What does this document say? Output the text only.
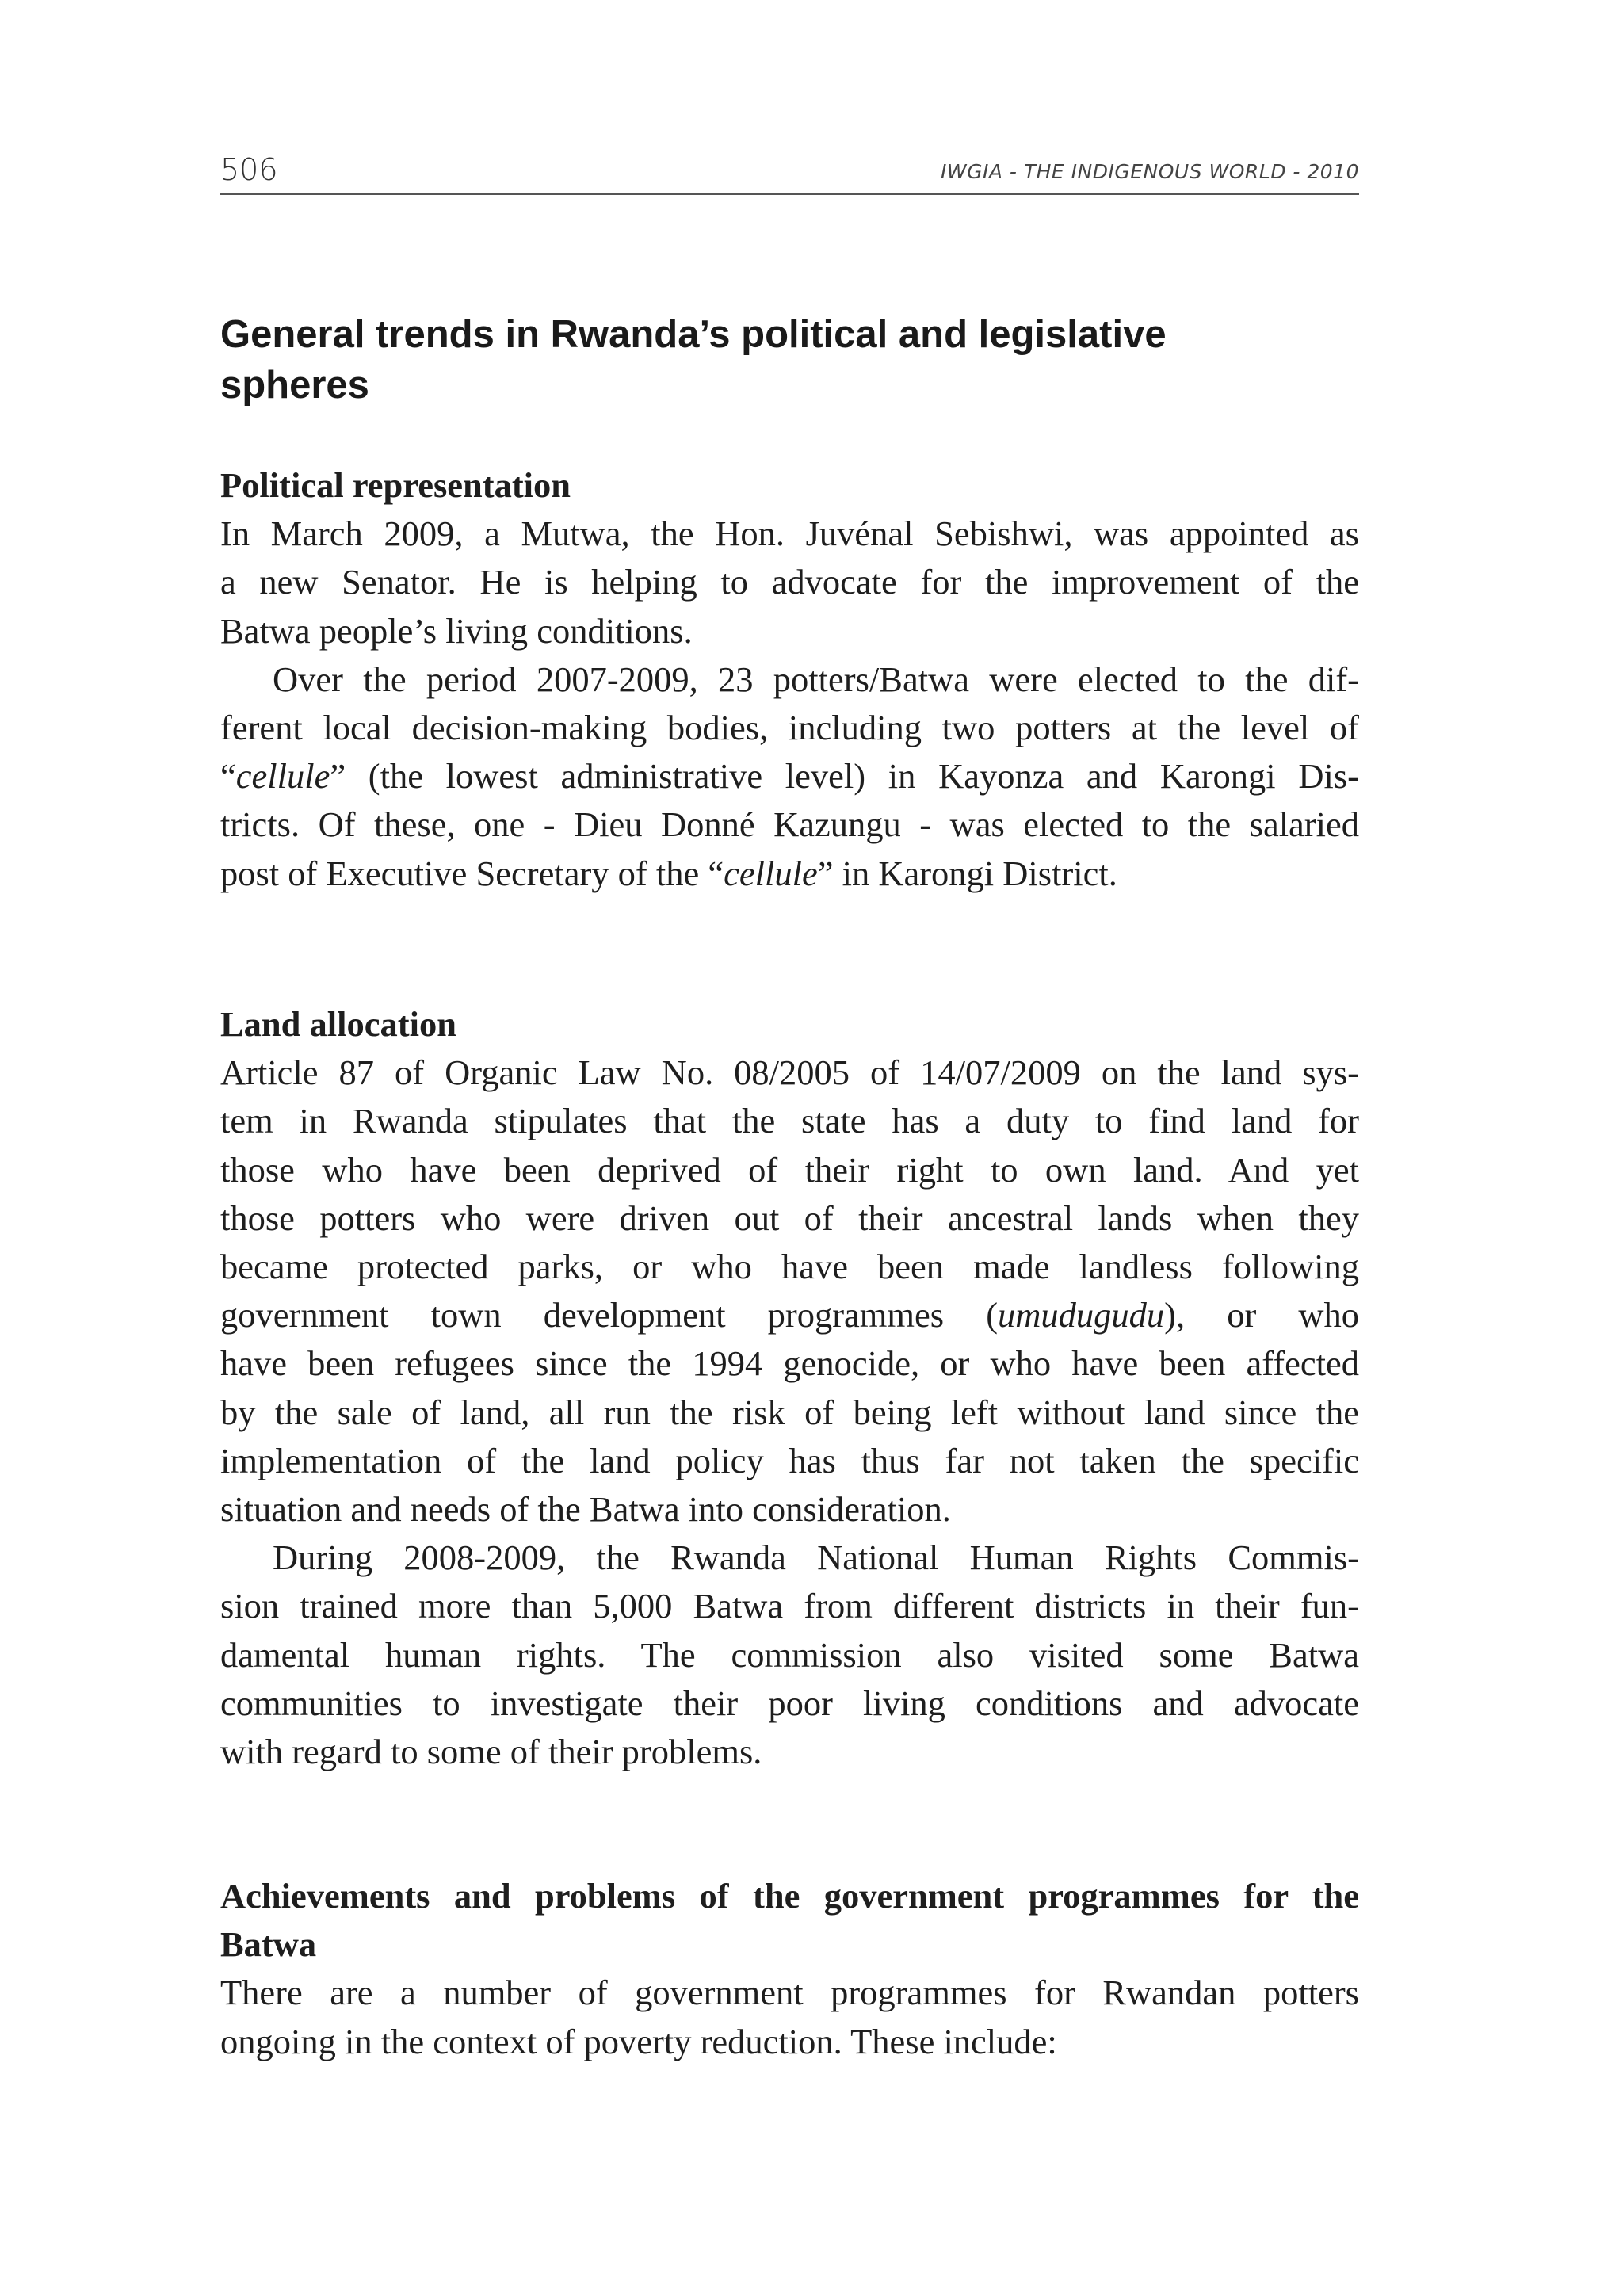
506	IWGIA - THE INDIGENOUS WORLD - 2010
General trends in Rwanda’s political and legislative
spheres
Political representation

In March 2009, a Mutwa, the Hon. Juvénal Sebishwi, was appointed as
a new Senator. He is helping to advocate for the improvement of the
Batwa people’s living conditions.

Over the period 2007-2009, 23 potters/Batwa were elected to the dif-
ferent local decision-making bodies, including two potters at the level of
“cellule” (the lowest administrative level) in Kayonza and Karongi Dis-
tricts. Of these, one - Dieu Donné Kazungu - was elected to the salaried
post of Executive Secretary of the “cellule” in Karongi District.

Land allocation

Article 87 of Organic Law No. 08/2005 of 14/07/2009 on the land sys-
tem in Rwanda stipulates that the state has a duty to find land for
those who have been deprived of their right to own land. And yet
those potters who were driven out of their ancestral lands when they
became protected parks, or who have been made landless following
government town development programmes (umudugudu), or who
have been refugees since the 1994 genocide, or who have been affected
by the sale of land, all run the risk of being left without land since the
implementation of the land policy has thus far not taken the specific
situation and needs of the Batwa into consideration.

During 2008-2009, the Rwanda National Human Rights Commis-
sion trained more than 5,000 Batwa from different districts in their fun-
damental human rights. The commission also visited some Batwa
communities to investigate their poor living conditions and advocate
with regard to some of their problems.

Achievements and problems of the government programmes for the
Batwa

There are a number of government programmes for Rwandan potters
ongoing in the context of poverty reduction. These include:
